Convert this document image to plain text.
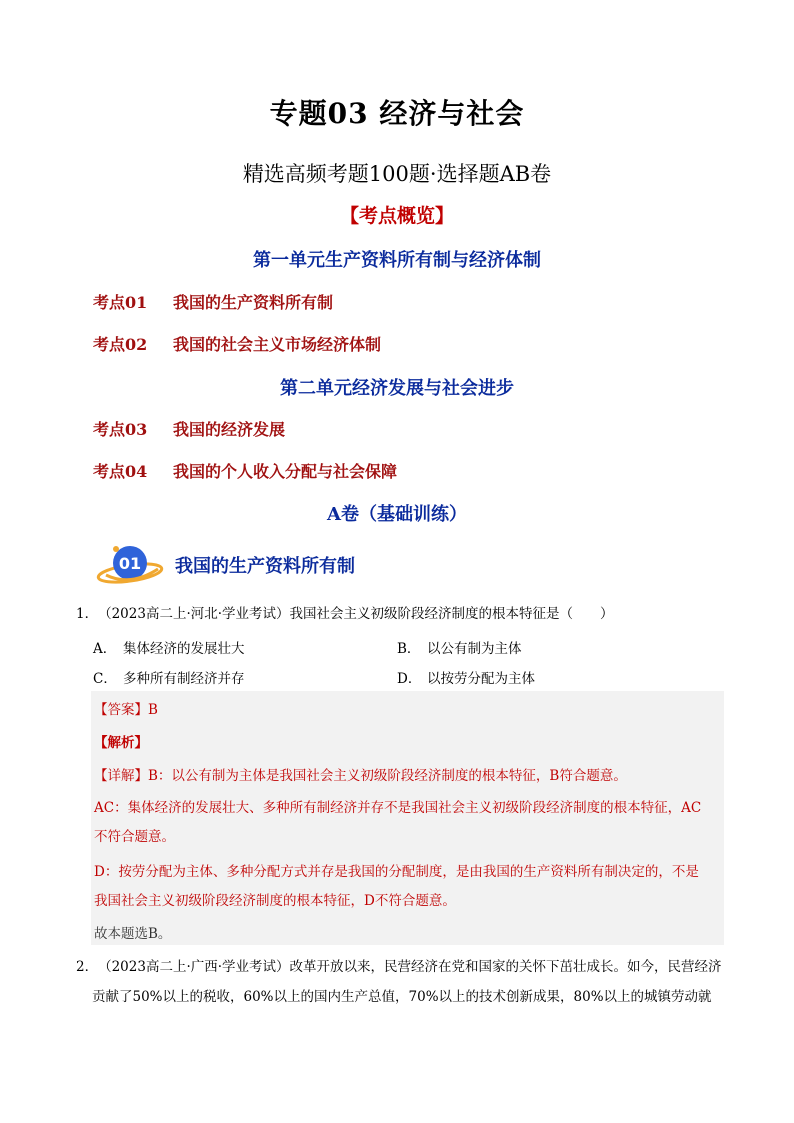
专题03 经济与社会
精选高频考题100题·选择题AB卷
【考点概览】
第一单元生产资料所有制与经济体制
考点01 我国的生产资料所有制
考点02 我国的社会主义市场经济体制
第二单元经济发展与社会进步
考点03 我国的经济发展
考点04 我国的个人收入分配与社会保障
A卷（基础训练）
01 我国的生产资料所有制
1．（2023高二上·河北·学业考试）我国社会主义初级阶段经济制度的根本特征是（　　）
A． 集体经济的发展壮大	B． 以公有制为主体
C． 多种所有制经济并存	D． 以按劳分配为主体
【答案】B
【解析】
【详解】B：以公有制为主体是我国社会主义初级阶段经济制度的根本特征，B符合题意。
AC：集体经济的发展壮大、多种所有制经济并存不是我国社会主义初级阶段经济制度的根本特征，AC
不符合题意。
D：按劳分配为主体、多种分配方式并存是我国的分配制度，是由我国的生产资料所有制决定的，不是
我国社会主义初级阶段经济制度的根本特征，D不符合题意。
故本题选B。
2．（2023高二上·广西·学业考试）改革开放以来，民营经济在党和国家的关怀下茁壮成长。如今，民营经济
贡献了50%以上的税收，60%以上的国内生产总值，70%以上的技术创新成果，80%以上的城镇劳动就
